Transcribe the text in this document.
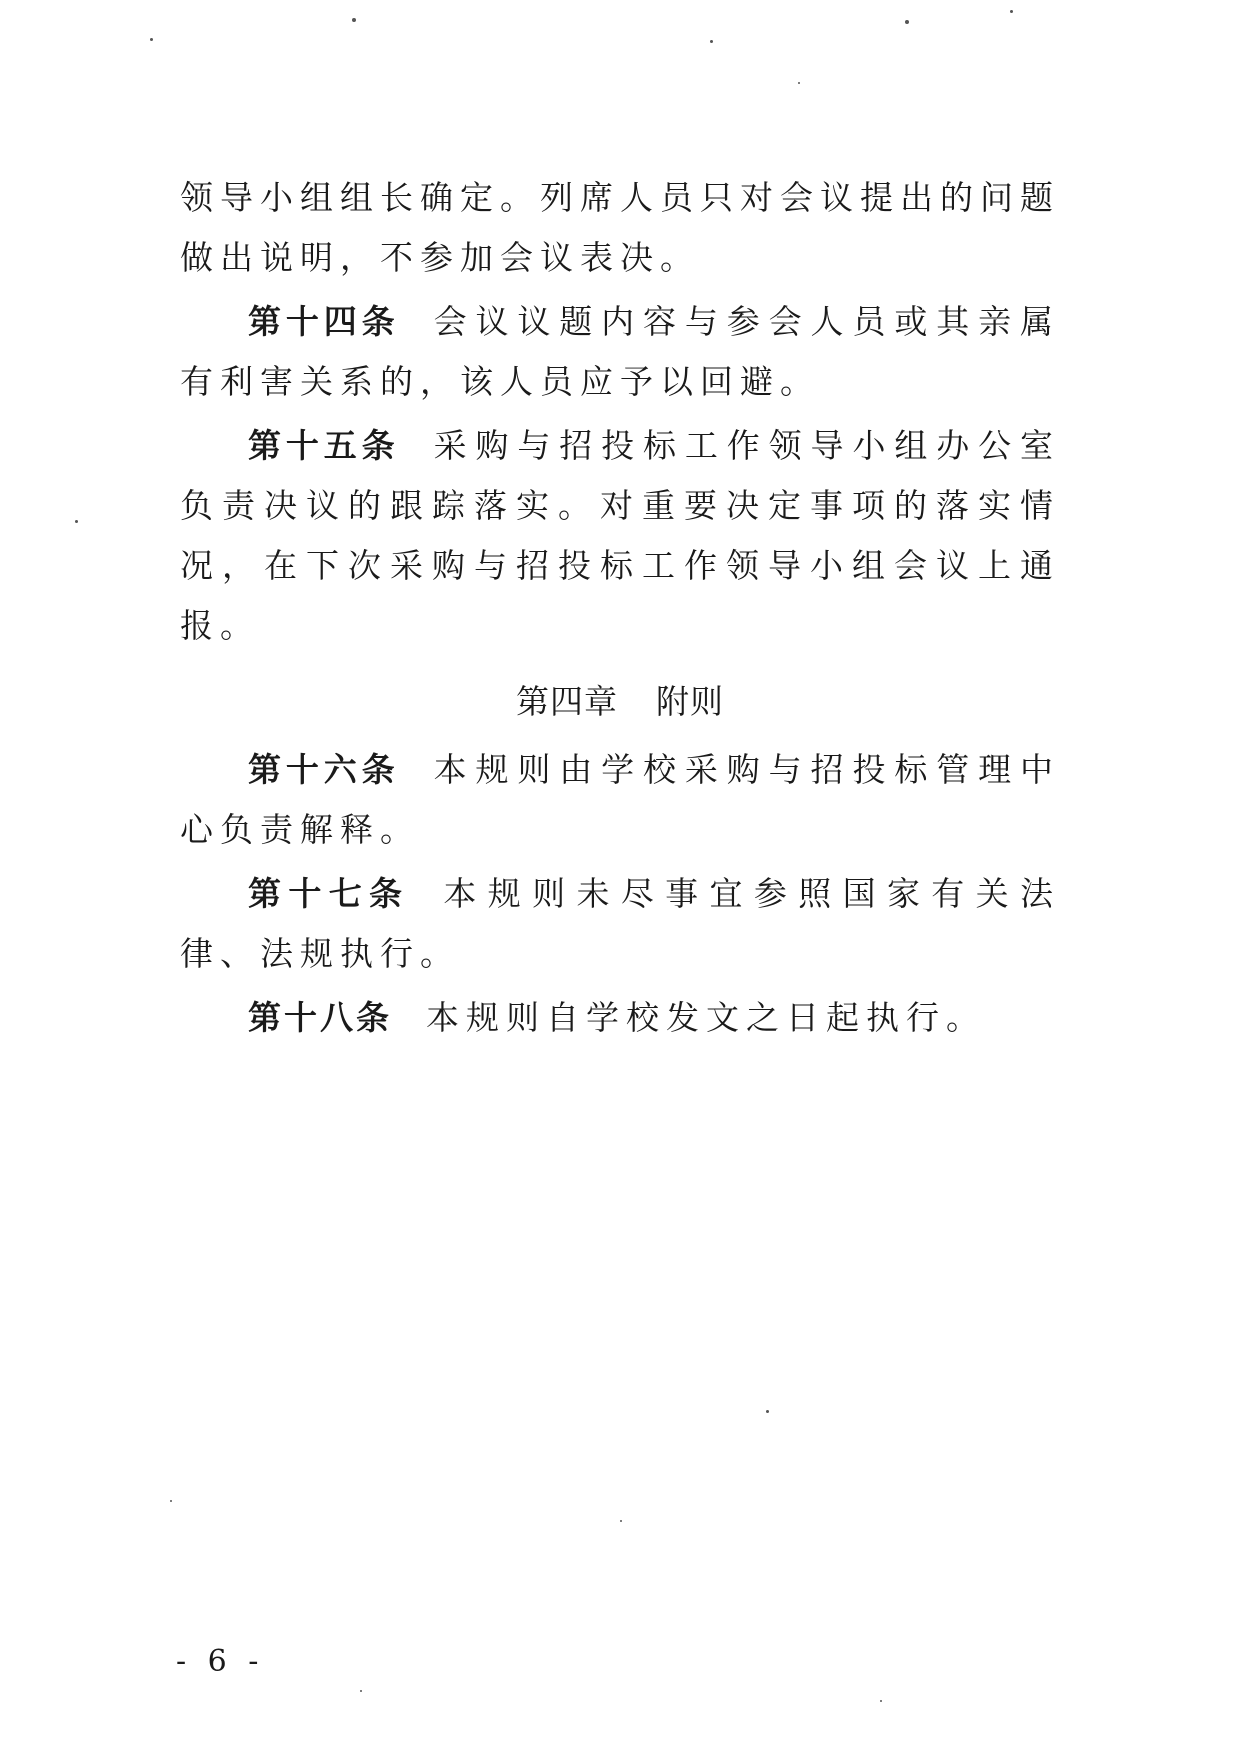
领导小组组长确定。列席人员只对会议提出的问题做出说明，不参加会议表决。

第十四条 会议议题内容与参会人员或其亲属有利害关系的，该人员应予以回避。

第十五条 采购与招投标工作领导小组办公室负责决议的跟踪落实。对重要决定事项的落实情况，在下次采购与招投标工作领导小组会议上通报。

第四章 附则

第十六条 本规则由学校采购与招投标管理中心负责解释。

第十七条 本规则未尽事宜参照国家有关法律、法规执行。

第十八条 本规则自学校发文之日起执行。

- 6 -
